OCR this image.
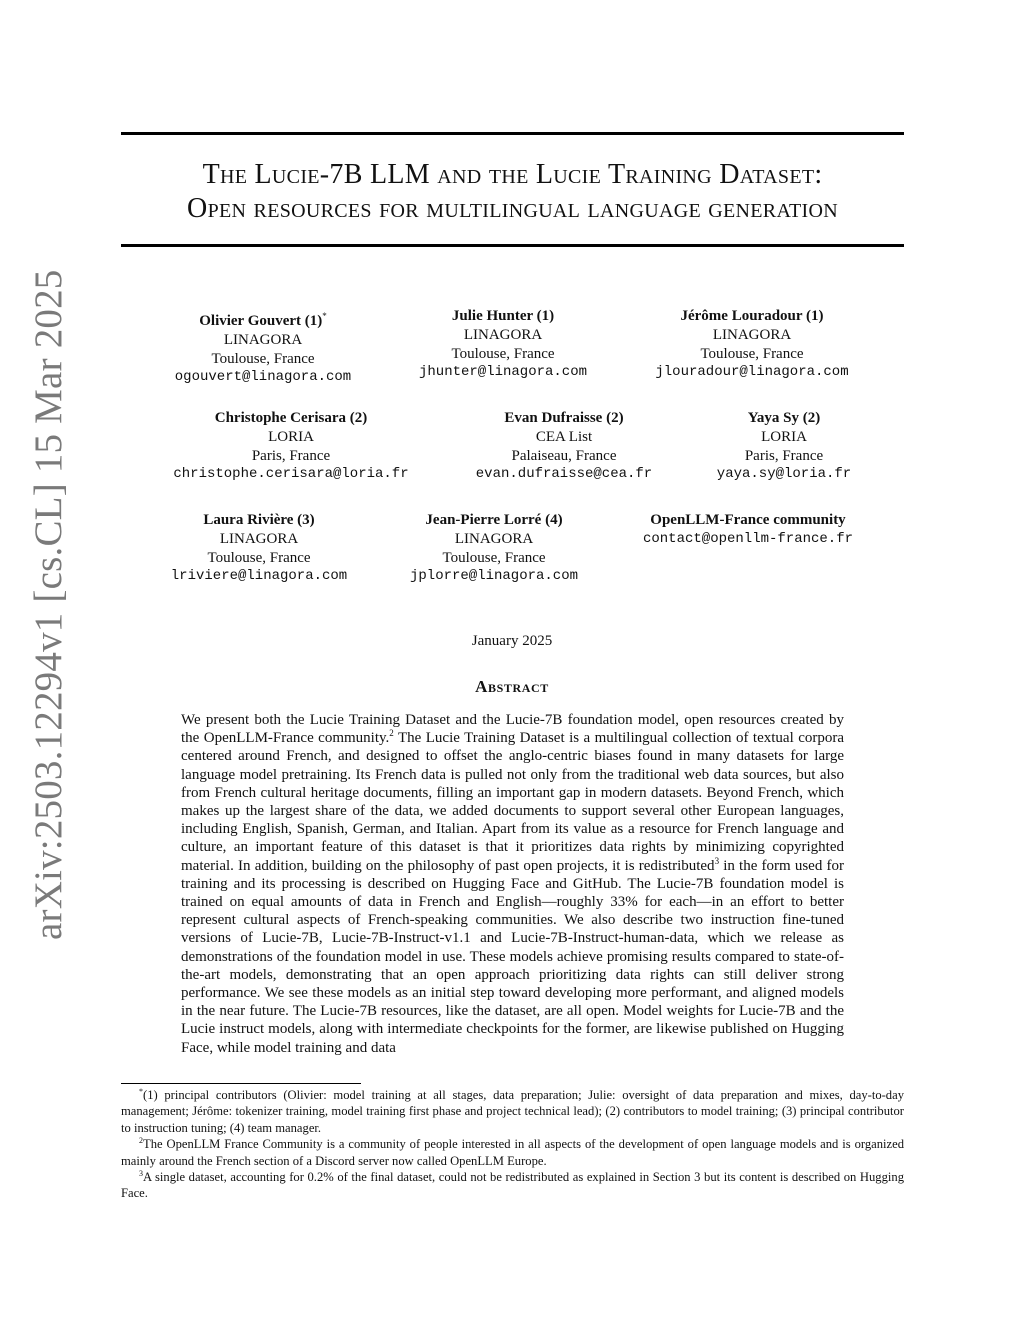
arXiv:2503.12294v1 [cs.CL] 15 Mar 2025
The Lucie-7B LLM and the Lucie Training Dataset:
Open resources for multilingual language generation
Olivier Gouvert (1)*
LINAGORA
Toulouse, France
ogouvert@linagora.com
Julie Hunter (1)
LINAGORA
Toulouse, France
jhunter@linagora.com
Jérôme Louradour (1)
LINAGORA
Toulouse, France
jlouradour@linagora.com
Christophe Cerisara (2)
LORIA
Paris, France
christophe.cerisara@loria.fr
Evan Dufraisse (2)
CEA List
Palaiseau, France
evan.dufraisse@cea.fr
Yaya Sy (2)
LORIA
Paris, France
yaya.sy@loria.fr
Laura Rivière (3)
LINAGORA
Toulouse, France
lriviere@linagora.com
Jean-Pierre Lorré (4)
LINAGORA
Toulouse, France
jplorre@linagora.com
OpenLLM-France community
contact@openllm-france.fr
January 2025
Abstract
We present both the Lucie Training Dataset and the Lucie-7B foundation model, open resources created by the OpenLLM-France community.$^2$ The Lucie Training Dataset is a multilingual collection of textual corpora centered around French, and designed to offset the anglo-centric biases found in many datasets for large language model pretraining. Its French data is pulled not only from the traditional web data sources, but also from French cultural heritage documents, filling an important gap in modern datasets. Beyond French, which makes up the largest share of the data, we added documents to support several other European languages, including English, Spanish, German, and Italian. Apart from its value as a resource for French language and culture, an important feature of this dataset is that it prioritizes data rights by minimizing copyrighted material. In addition, building on the philosophy of past open projects, it is redistributed$^3$ in the form used for training and its processing is described on Hugging Face and GitHub. The Lucie-7B foundation model is trained on equal amounts of data in French and English—roughly 33% for each—in an effort to better represent cultural aspects of French-speaking communities. We also describe two instruction fine-tuned versions of Lucie-7B, Lucie-7B-Instruct-v1.1 and Lucie-7B-Instruct-human-data, which we release as demonstrations of the foundation model in use. These models achieve promising results compared to state-of-the-art models, demonstrating that an open approach prioritizing data rights can still deliver strong performance. We see these models as an initial step toward developing more performant, and aligned models in the near future. The Lucie-7B resources, like the dataset, are all open. Model weights for Lucie-7B and the Lucie instruct models, along with intermediate checkpoints for the former, are likewise published on Hugging Face, while model training and data

*(1) principal contributors (Olivier: model training at all stages, data preparation; Julie: oversight of data preparation and mixes, day-to-day management; Jérôme: tokenizer training, model training first phase and project technical lead); (2) contributors to model training; (3) principal contributor to instruction tuning; (4) team manager.

$^2$The OpenLLM France Community is a community of people interested in all aspects of the development of open language models and is organized mainly around the French section of a Discord server now called OpenLLM Europe.

$^3$A single dataset, accounting for 0.2% of the final dataset, could not be redistributed as explained in Section 3 but its content is described on Hugging Face.
